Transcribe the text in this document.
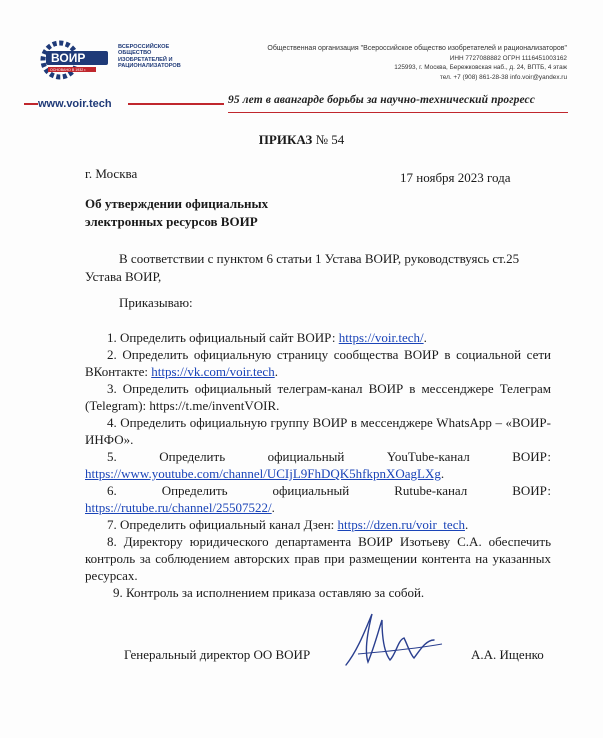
ВОИР
ОСНОВАНО В 1932 г.
ВСЕРОССИЙСКОЕ
ОБЩЕСТВО
ИЗОБРЕТАТЕЛЕЙ И
РАЦИОНАЛИЗАТОРОВ
Общественная организация "Всероссийское общество изобретателей и рационализаторов"
ИНН 7727088882 ОГРН 1116451003162
125993, г. Москва, Бережковская наб., д. 24, ВПТБ, 4 этаж
тел. +7 (908) 861-28-38 info.voir@yandex.ru
www.voir.tech	95 лет в авангарде борьбы за научно-технический прогресс
ПРИКАЗ № 54
г. Москва	17 ноября 2023 года
Об утверждении официальных
электронных ресурсов ВОИР
В соответствии с пунктом 6 статьи 1 Устава ВОИР, руководствуясь ст.25 Устава ВОИР,
Приказываю:
1. Определить официальный сайт ВОИР: https://voir.tech/.
2. Определить официальную страницу сообщества ВОИР в социальной сети ВКонтакте: https://vk.com/voir.tech.
3. Определить официальный телеграм-канал ВОИР в мессенджере Телеграм (Telegram): https://t.me/inventVOIR.
4. Определить официальную группу ВОИР в мессенджере WhatsApp – «ВОИР-ИНФО».
5. Определить официальный YouTube-канал ВОИР: https://www.youtube.com/channel/UCIjL9FhDQK5hfkpnXOagLXg.
6. Определить официальный Rutube-канал ВОИР: https://rutube.ru/channel/25507522/.
7. Определить официальный канал Дзен: https://dzen.ru/voir_tech.
8. Директору юридического департамента ВОИР Изотьеву С.А. обеспечить контроль за соблюдением авторских прав при размещении контента на указанных ресурсах.
9. Контроль за исполнением приказа оставляю за собой.
Генеральный директор ОО ВОИР	А.А. Ищенко
